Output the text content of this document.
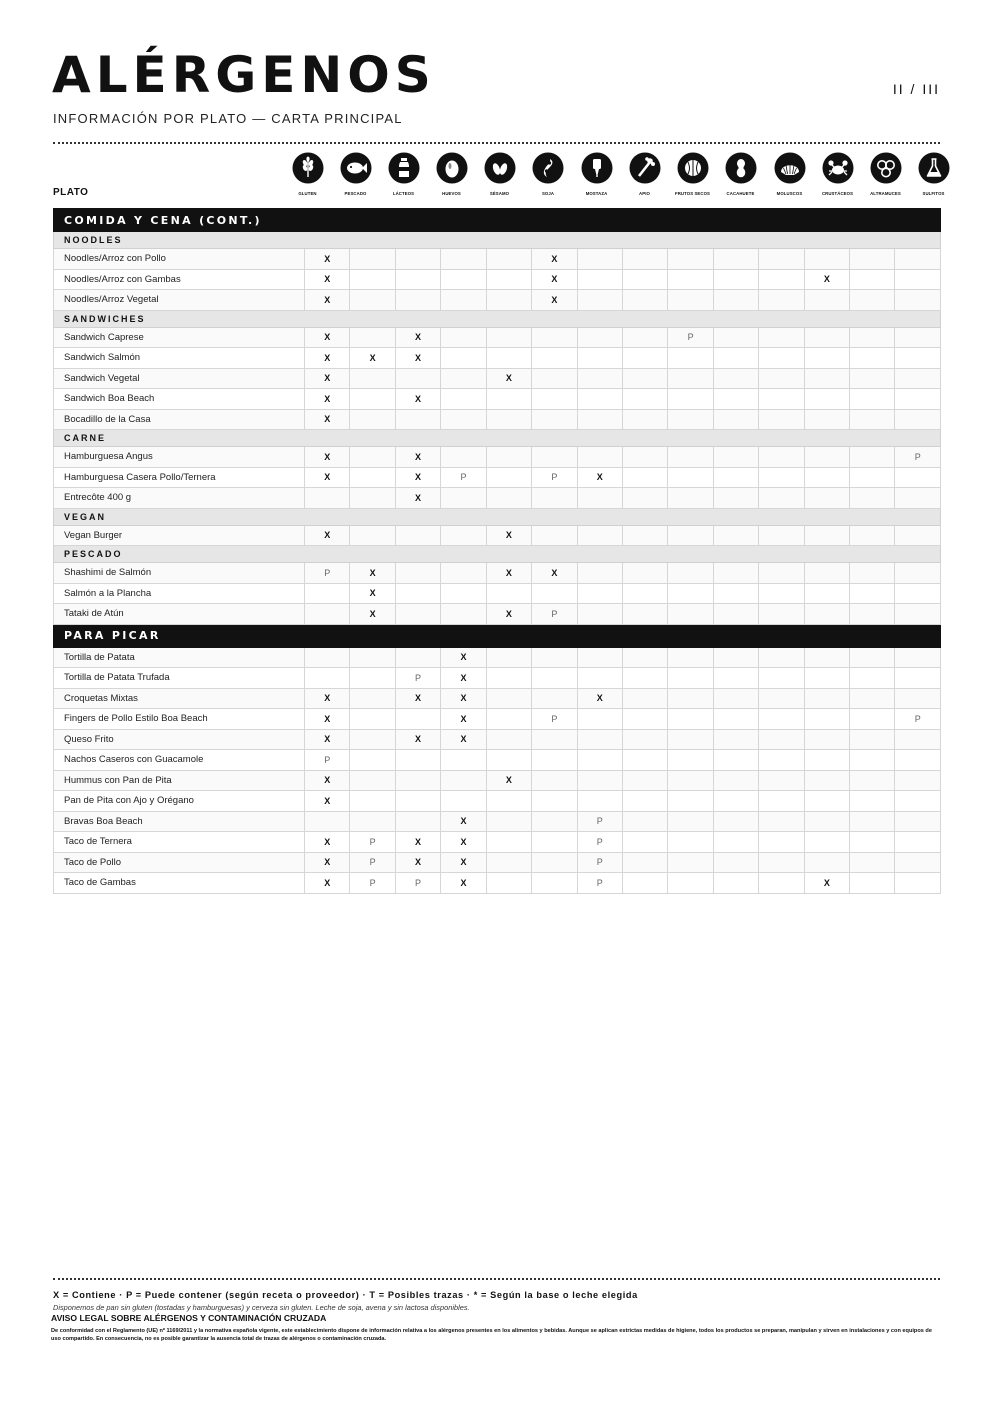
ALÉRGENOS
INFORMACIÓN POR PLATO — CARTA PRINCIPAL
II / III
PLATO	GLUTEN	PESCADO	LÁCTEOS	HUEVOS	SÉSAMO	SOJA	MOSTAZA	APIO	FRUTOS SECOS	CACAHUETE	MOLUSCOS	CRUSTÁCEOS	ALTRAMUCES	SULFITOS
COMIDA Y CENA (CONT.)														
NOODLES														
Noodles/Arroz con Pollo	X					X								
Noodles/Arroz con Gambas	X					X						X		
Noodles/Arroz Vegetal	X					X								
SANDWICHES														
Sandwich Caprese	X		X						P					
Sandwich Salmón	X	X	X											
Sandwich Vegetal	X				X									
Sandwich Boa Beach	X		X											
Bocadillo de la Casa	X													
CARNE														
Hamburguesa Angus	X		X											P
Hamburguesa Casera Pollo/Ternera	X		X	P		P	X							
Entrecôte 400 g			X											
VEGAN														
Vegan Burger	X				X									
PESCADO														
Shashimi de Salmón	P	X			X	X								
Salmón a la Plancha		X												
Tataki de Atún		X			X	P								
PARA PICAR														
Tortilla de Patata				X										
Tortilla de Patata Trufada			P	X										
Croquetas Mixtas	X		X	X			X							
Fingers de Pollo Estilo Boa Beach	X			X		P								P
Queso Frito	X		X	X										
Nachos Caseros con Guacamole	P													
Hummus con Pan de Pita	X				X									
Pan de Pita con Ajo y Orégano	X													
Bravas Boa Beach				X			P							
Taco de Ternera	X	P	X	X			P							
Taco de Pollo	X	P	X	X			P							
Taco de Gambas	X	P	P	X			P					X		
X = Contiene · P = Puede contener (según receta o proveedor) · T = Posibles trazas · * = Según la base o leche elegida
Disponemos de pan sin gluten (tostadas y hamburguesas) y cerveza sin gluten. Leche de soja, avena y sin lactosa disponibles.
AVISO LEGAL SOBRE ALÉRGENOS Y CONTAMINACIÓN CRUZADA
De conformidad con el Reglamento (UE) nº 1169/2011 y la normativa española vigente, este establecimiento dispone de información relativa a los alérgenos presentes en los alimentos y bebidas. Aunque se aplican estrictas medidas de higiene, todos los productos se preparan, manipulan y sirven en instalaciones y con equipos de uso compartido. En consecuencia, no es posible garantizar la ausencia total de trazas de alérgenos o contaminación cruzada.
